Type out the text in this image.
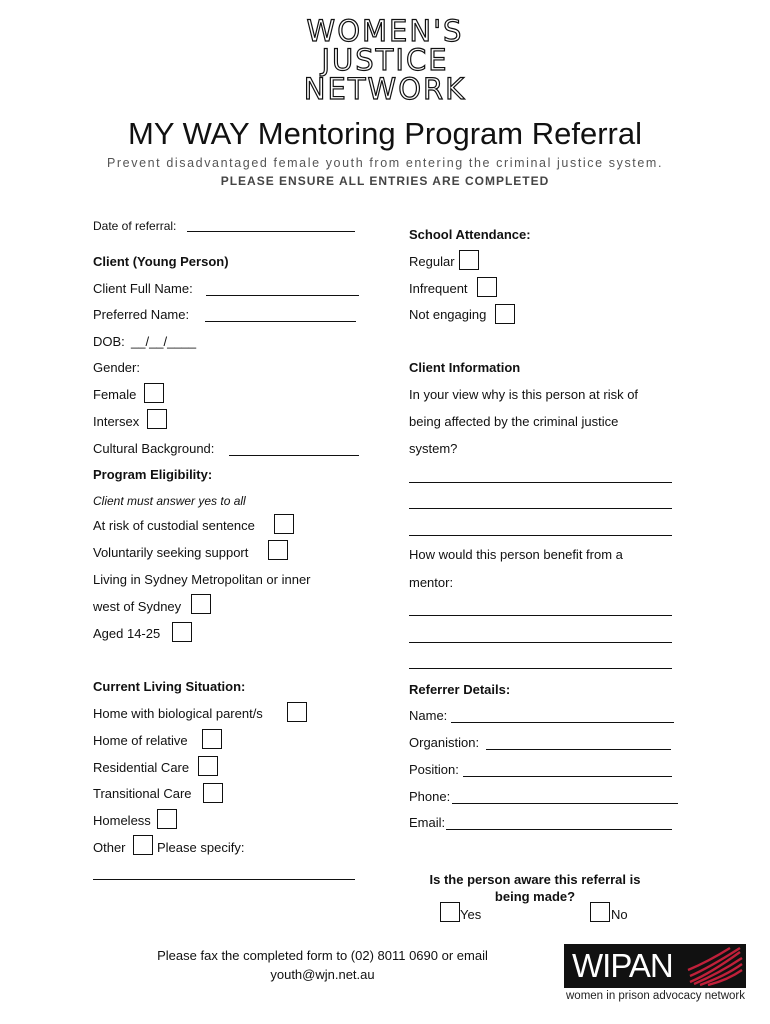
WOMEN'S
JUSTICE
NETWORK
MY WAY Mentoring Program Referral
Prevent disadvantaged female youth from entering the criminal justice system.
PLEASE ENSURE ALL ENTRIES ARE COMPLETED
Date of referral:
Client (Young Person)
Client Full Name:
Preferred Name:
DOB: __/__/____
Gender:
Female
Intersex
Cultural Background:
Program Eligibility:
Client must answer yes to all
At risk of custodial sentence
Voluntarily seeking support
Living in Sydney Metropolitan or inner
west of Sydney
Aged 14-25
Current Living Situation:
Home with biological parent/s
Home of relative
Residential Care
Transitional Care
Homeless
Other Please specify:
School Attendance:
Regular
Infrequent
Not engaging
Client Information
In your view why is this person at risk of
being affected by the criminal justice
system?
How would this person benefit from a
mentor:
Referrer Details:
Name:
Organistion:
Position:
Phone:
Email:
Is the person aware this referral is
being made?
Yes	No
Please fax the completed form to (02) 8011 0690 or email
youth@wjn.net.au	WIPAN
women in prison advocacy network
